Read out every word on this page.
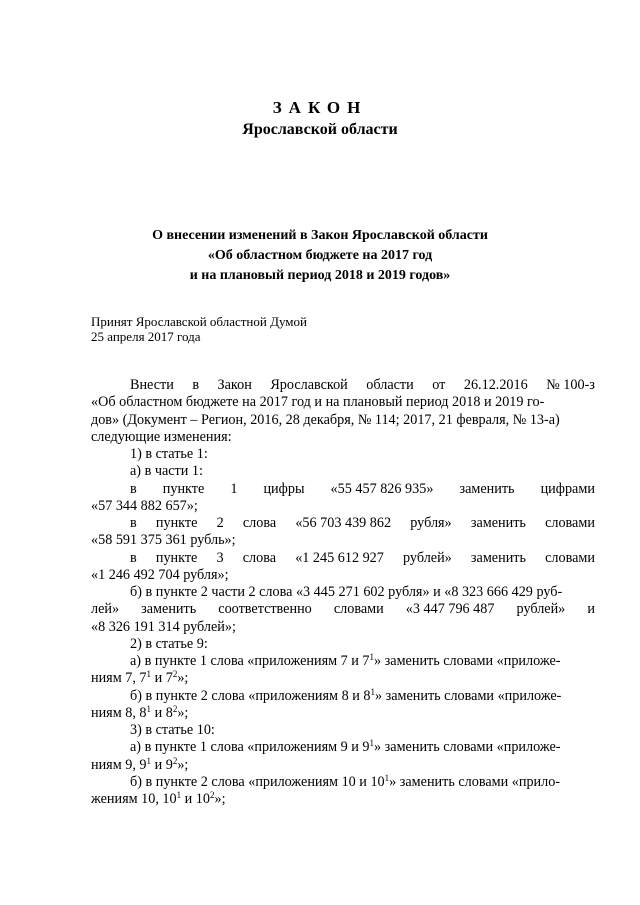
ЗАКОН
Ярославской области
О внесении изменений в Закон Ярославской области
«Об областном бюджете на 2017 год
и на плановый период 2018 и 2019 годов»
Принят Ярославской областной Думой
25 апреля 2017 года
Внести в Закон Ярославской области от 26.12.2016 № 100-з
«Об областном бюджете на 2017 год и на плановый период 2018 и 2019 го-
дов» (Документ – Регион, 2016, 28 декабря, № 114; 2017, 21 февраля, № 13-а)
следующие изменения:
1) в статье 1:
а) в части 1:
в пункте 1 цифры «55 457 826 935» заменить цифрами
«57 344 882 657»;
в пункте 2 слова «56 703 439 862 рубля» заменить словами
«58 591 375 361 рубль»;
в пункте 3 слова «1 245 612 927 рублей» заменить словами
«1 246 492 704 рубля»;
б) в пункте 2 части 2 слова «3 445 271 602 рубля» и «8 323 666 429 руб-
лей» заменить соответственно словами «3 447 796 487 рублей» и
«8 326 191 314 рублей»;
2) в статье 9:
а) в пункте 1 слова «приложениям 7 и $7^1$» заменить словами «приложе-
ниям 7, $7^1$ и $7^2$»;
б) в пункте 2 слова «приложениям 8 и $8^1$» заменить словами «приложе-
ниям 8, $8^1$ и $8^2$»;
3) в статье 10:
а) в пункте 1 слова «приложениям 9 и $9^1$» заменить словами «приложе-
ниям 9, $9^1$ и $9^2$»;
б) в пункте 2 слова «приложениям 10 и $10^1$» заменить словами «прило-
жениям 10, $10^1$ и $10^2$»;
